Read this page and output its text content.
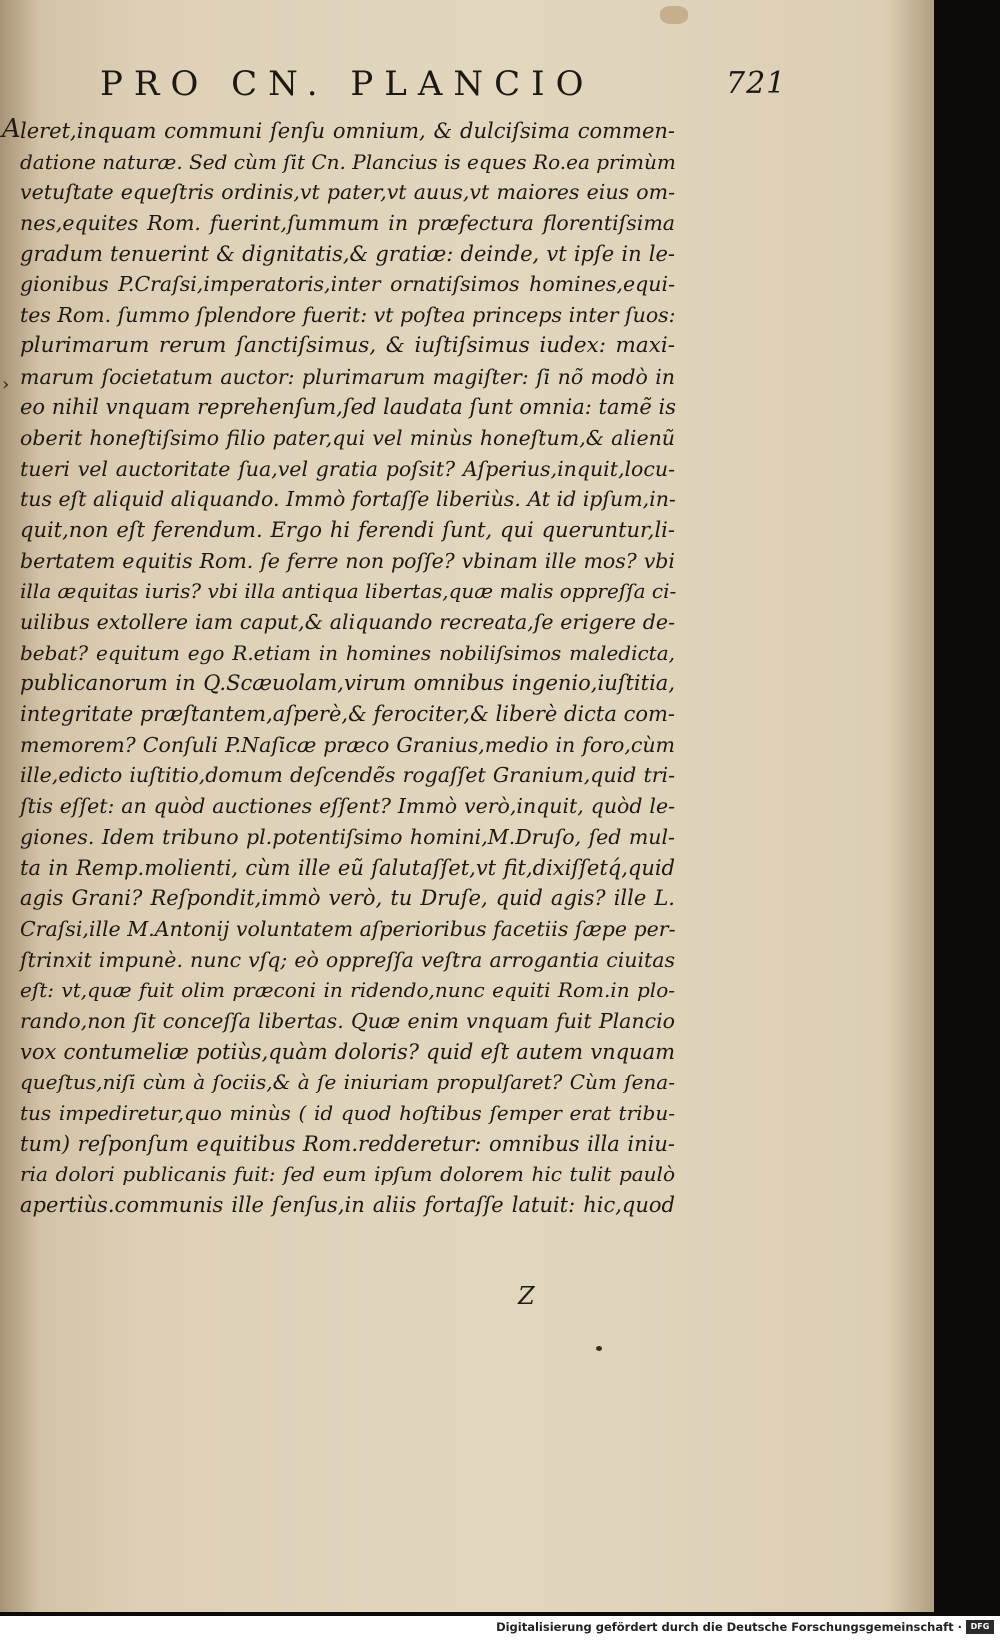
PRO CN. PLANCIO	721
A
›
leret,inquam communi ſenſu omnium, & dulciſsima commen-
datione naturæ. Sed cùm ſit Cn. Plancius is eques Ro.ea primùm
vetuſtate equeſtris ordinis,vt pater,vt auus,vt maiores eius om-
nes,equites Rom. fuerint,ſummum in præfectura florentiſsima
gradum tenuerint & dignitatis,& gratiæ: deinde, vt ipſe in le-
gionibus P.Craſsi,imperatoris,inter ornatiſsimos homines,equi-
tes Rom. ſummo ſplendore fuerit: vt poſtea princeps inter ſuos:
plurimarum rerum ſanctiſsimus, & iuſtiſsimus iudex: maxi-
marum ſocietatum auctor: plurimarum magiſter: ſi nõ modò in
eo nihil vnquam reprehenſum,ſed laudata ſunt omnia: tamẽ is
oberit honeſtiſsimo filio pater,qui vel minùs honeſtum,& alienũ
tueri vel auctoritate ſua,vel gratia poſsit? Aſperius,inquit,locu-
tus eſt aliquid aliquando. Immò fortaſſe liberiùs. At id ipſum,in-
quit,non eſt ferendum. Ergo hi ferendi ſunt, qui queruntur,li-
bertatem equitis Rom. ſe ferre non poſſe? vbinam ille mos? vbi
illa æquitas iuris? vbi illa antiqua libertas,quæ malis oppreſſa ci-
uilibus extollere iam caput,& aliquando recreata,ſe erigere de-
bebat? equitum ego R.etiam in homines nobiliſsimos maledicta,
publicanorum in Q.Scæuolam,virum omnibus ingenio,iuſtitia,
integritate præſtantem,aſperè,& ferociter,& liberè dicta com-
memorem? Conſuli P.Naſicæ præco Granius,medio in foro,cùm
ille,edicto iuſtitio,domum deſcendẽs rogaſſet Granium,quid tri-
ſtis eſſet: an quòd auctiones eſſent? Immò verò,inquit, quòd le-
giones. Idem tribuno pl.potentiſsimo homini,M.Druſo, ſed mul-
ta in Remp.molienti, cùm ille eũ ſalutaſſet,vt fit,dixiſſetq́,quid
agis Grani? Reſpondit,immò verò, tu Druſe, quid agis? ille L.
Craſsi,ille M.Antonij voluntatem aſperioribus facetiis ſæpe per-
ſtrinxit impunè. nunc vſq; eò oppreſſa veſtra arrogantia ciuitas
eſt: vt,quæ fuit olim præconi in ridendo,nunc equiti Rom.in plo-
rando,non ſit conceſſa libertas. Quæ enim vnquam fuit Plancio
vox contumeliæ potiùs,quàm doloris? quid eſt autem vnquam
queſtus,niſi cùm à ſociis,& à ſe iniuriam propulſaret? Cùm ſena-
tus impediretur,quo minùs ( id quod hoſtibus ſemper erat tribu-
tum) reſponſum equitibus Rom.redderetur: omnibus illa iniu-
ria dolori publicanis fuit: ſed eum ipſum dolorem hic tulit paulò
apertiùs.communis ille ſenſus,in aliis fortaſſe latuit: hic,quod
Z
Digitalisierung gefördert durch die Deutsche Forschungsgemeinschaft ·	DFG
